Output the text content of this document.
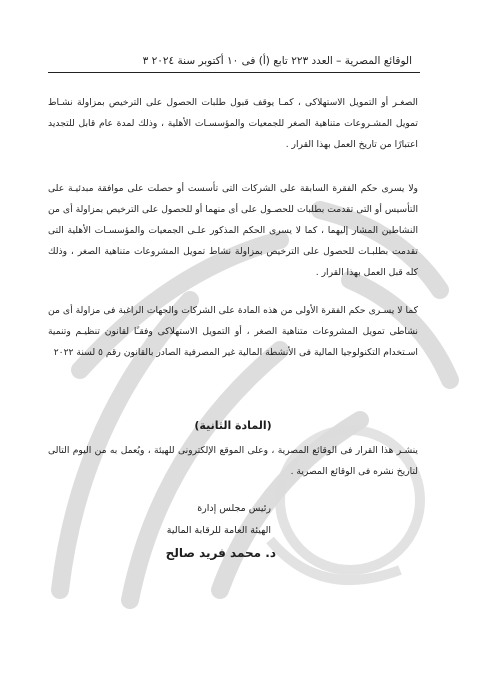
الوقائع المصرية – العدد ٢٢٣ تابع (أ) فى ١٠ أكتوبر سنة ٢٠٢٤ ٣
الصغـر أو التمويل الاستهلاكى ، كمـا يوقف قبول طلبات الحصول على الترخيص بمزاولة نشـاط تمويل المشـروعات متناهية الصغر للجمعيات والمؤسسـات الأهلية ، وذلك لمدة عام قابل للتجديد اعتبارًا من تاريخ العمل بهذا القرار .
ولا يسرى حكم الفقرة السابقة على الشركات التى تأسست أو حصلت على موافقة مبدئيـة على التأسيس أو التى تقدمت بطلبات للحصـول على أى منهما أو للحصول على الترخيص بمزاولة أى من النشاطين المشار إليهما ، كما لا يسرى الحكم المذكور علـى الجمعيات والمؤسسـات الأهلية التى تقدمت بطلبـات للحصول على الترخيص بمزاولة نشاط تمويل المشروعات متناهية الصغر ، وذلك كله قبل العمل بهذا القرار .
كما لا يسـرى حكم الفقرة الأولى من هذه المادة على الشركات والجهات الراغبة فى مزاولة أى من نشاطى تمويل المشروعات متناهية الصغر ، أو التمويل الاستهلاكى وفقـًا لقانون تنظيـم وتنمية اسـتخدام التكنولوجيا المالية فى الأنشطة المالية غير المصرفية الصادر بالقانون رقم ٥ لسنة ٢٠٢٢
(المادة الثانية)
ينشـر هذا القرار فى الوقائع المصرية ، وعلى الموقع الإلكترونى للهيئة ، ويُعمل به من اليوم التالى لتاريخ نشره فى الوقائع المصرية .
رئيس مجلس إدارة
الهيئة العامة للرقابة المالية
د. محمد فريد صالح
